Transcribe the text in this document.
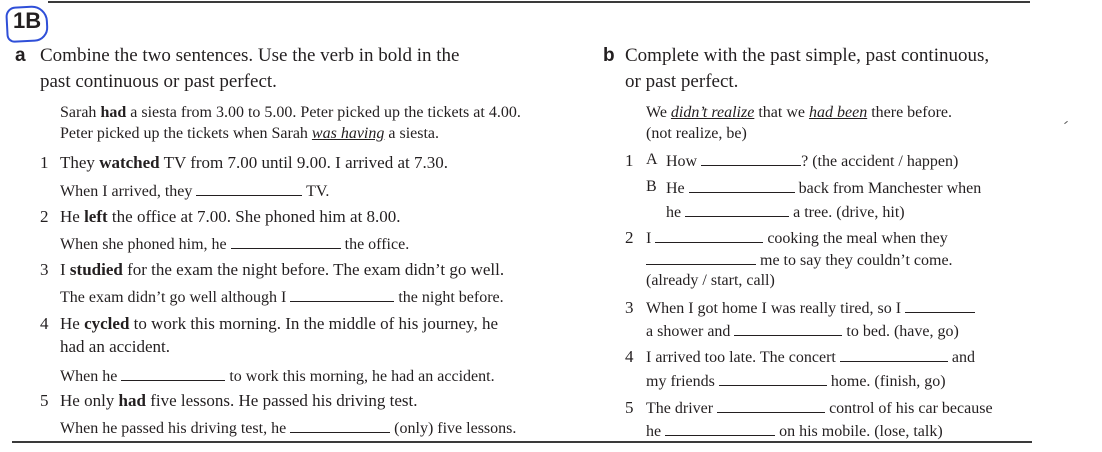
1B
a Combine the two sentences. Use the verb in bold in the
past continuous or past perfect.
Sarah had a siesta from 3.00 to 5.00. Peter picked up the tickets at 4.00.
Peter picked up the tickets when Sarah was having a siesta.
1 They watched TV from 7.00 until 9.00. I arrived at 7.30.
When I arrived, they	TV.
2 He left the office at 7.00. She phoned him at 8.00.
When she phoned him, he	the office.
3 I studied for the exam the night before. The exam didn’t go well.
The exam didn’t go well although I	the night before.
4 He cycled to work this morning. In the middle of his journey, he
had an accident.
When he	to work this morning, he had an accident.
5 He only had five lessons. He passed his driving test.
When he passed his driving test, he	(only) five lessons.
b Complete with the past simple, past continuous,
or past perfect.
We didn’t realize that we had been there before.
(not realize, be)
1 A How	? (the accident / happen)
B He	back from Manchester when
he	a tree. (drive, hit)
2 I	cooking the meal when they
me to say they couldn’t come.
(already / start, call)
3 When I got home I was really tired, so I
a shower and	to bed. (have, go)
4 I arrived too late. The concert	and
my friends	home. (finish, go)
5 The driver	control of his car because
he	on his mobile. (lose, talk)
